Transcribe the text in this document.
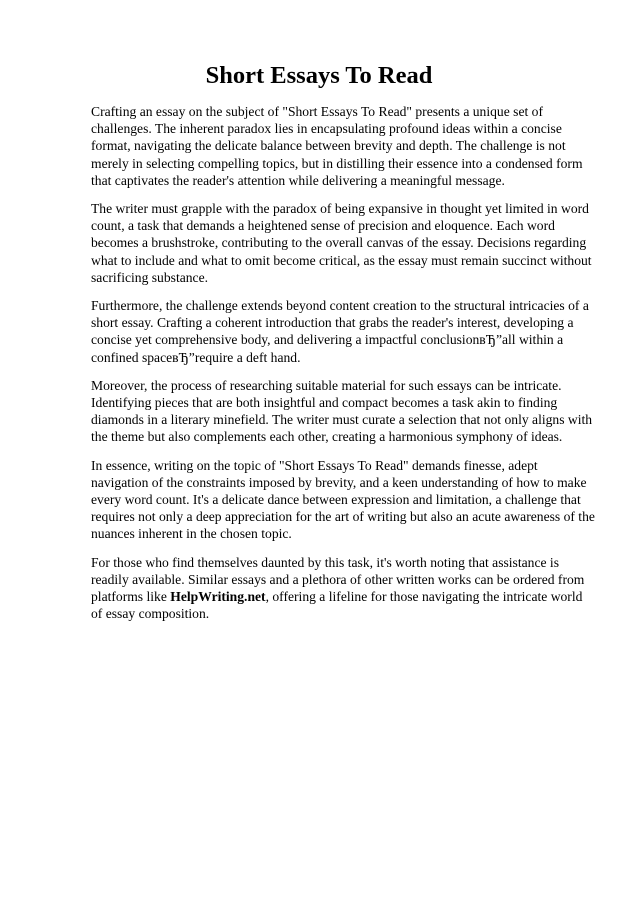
Short Essays To Read

Crafting an essay on the subject of "Short Essays To Read" presents a unique set of challenges. The inherent paradox lies in encapsulating profound ideas within a concise format, navigating the delicate balance between brevity and depth. The challenge is not merely in selecting compelling topics, but in distilling their essence into a condensed form that captivates the reader's attention while delivering a meaningful message.

The writer must grapple with the paradox of being expansive in thought yet limited in word count, a task that demands a heightened sense of precision and eloquence. Each word becomes a brushstroke, contributing to the overall canvas of the essay. Decisions regarding what to include and what to omit become critical, as the essay must remain succinct without sacrificing substance.

Furthermore, the challenge extends beyond content creation to the structural intricacies of a short essay. Crafting a coherent introduction that grabs the reader's interest, developing a concise yet comprehensive body, and delivering a impactful conclusionвЂ”all within a confined spaceвЂ”require a deft hand.

Moreover, the process of researching suitable material for such essays can be intricate. Identifying pieces that are both insightful and compact becomes a task akin to finding diamonds in a literary minefield. The writer must curate a selection that not only aligns with the theme but also complements each other, creating a harmonious symphony of ideas.

In essence, writing on the topic of "Short Essays To Read" demands finesse, adept navigation of the constraints imposed by brevity, and a keen understanding of how to make every word count. It's a delicate dance between expression and limitation, a challenge that requires not only a deep appreciation for the art of writing but also an acute awareness of the nuances inherent in the chosen topic.

For those who find themselves daunted by this task, it's worth noting that assistance is readily available. Similar essays and a plethora of other written works can be ordered from platforms like HelpWriting.net, offering a lifeline for those navigating the intricate world of essay composition.
